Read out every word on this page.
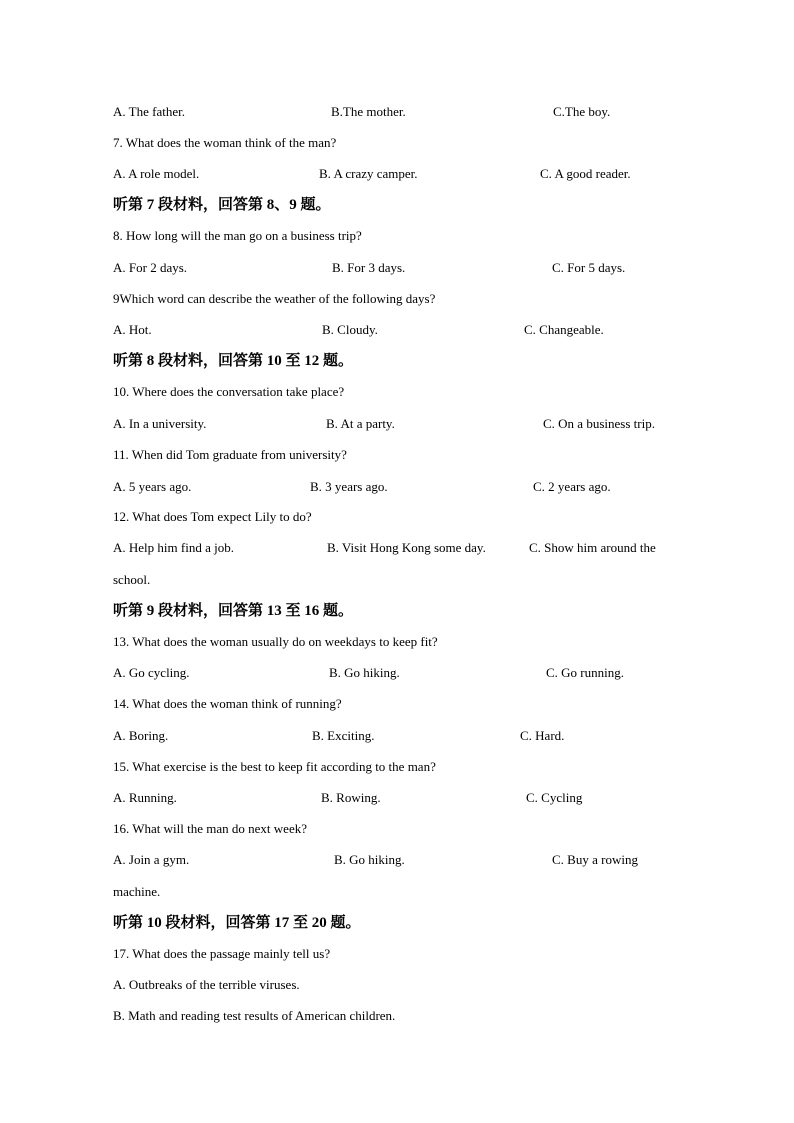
A. The father.	B.The mother.	C.The boy.
7. What does the woman think of the man?
A. A role model.	B. A crazy camper.	C. A good reader.
听第 7 段材料，回答第 8、9 题。
8. How long will the man go on a business trip?
A. For 2 days.	B. For 3 days.	C. For 5 days.
9Which word can describe the weather of the following days?
A. Hot.	B. Cloudy.	C. Changeable.
听第 8 段材料，回答第 10 至 12 题。
10. Where does the conversation take place?
A. In a university.	B. At a party.	C. On a business trip.
11. When did Tom graduate from university?
A. 5 years ago.	B. 3 years ago.	C. 2 years ago.
12. What does Tom expect Lily to do?
A. Help him find a job.	B. Visit Hong Kong some day.	C. Show him around the
school.
听第 9 段材料，回答第 13 至 16 题。
13. What does the woman usually do on weekdays to keep fit?
A. Go cycling.	B. Go hiking.	C. Go running.
14. What does the woman think of running?
A. Boring.	B. Exciting.	C. Hard.
15. What exercise is the best to keep fit according to the man?
A. Running.	B. Rowing.	C. Cycling
16. What will the man do next week?
A. Join a gym.	B. Go hiking.	C. Buy a rowing
machine.
听第 10 段材料，回答第 17 至 20 题。
17. What does the passage mainly tell us?
A. Outbreaks of the terrible viruses.
B. Math and reading test results of American children.
